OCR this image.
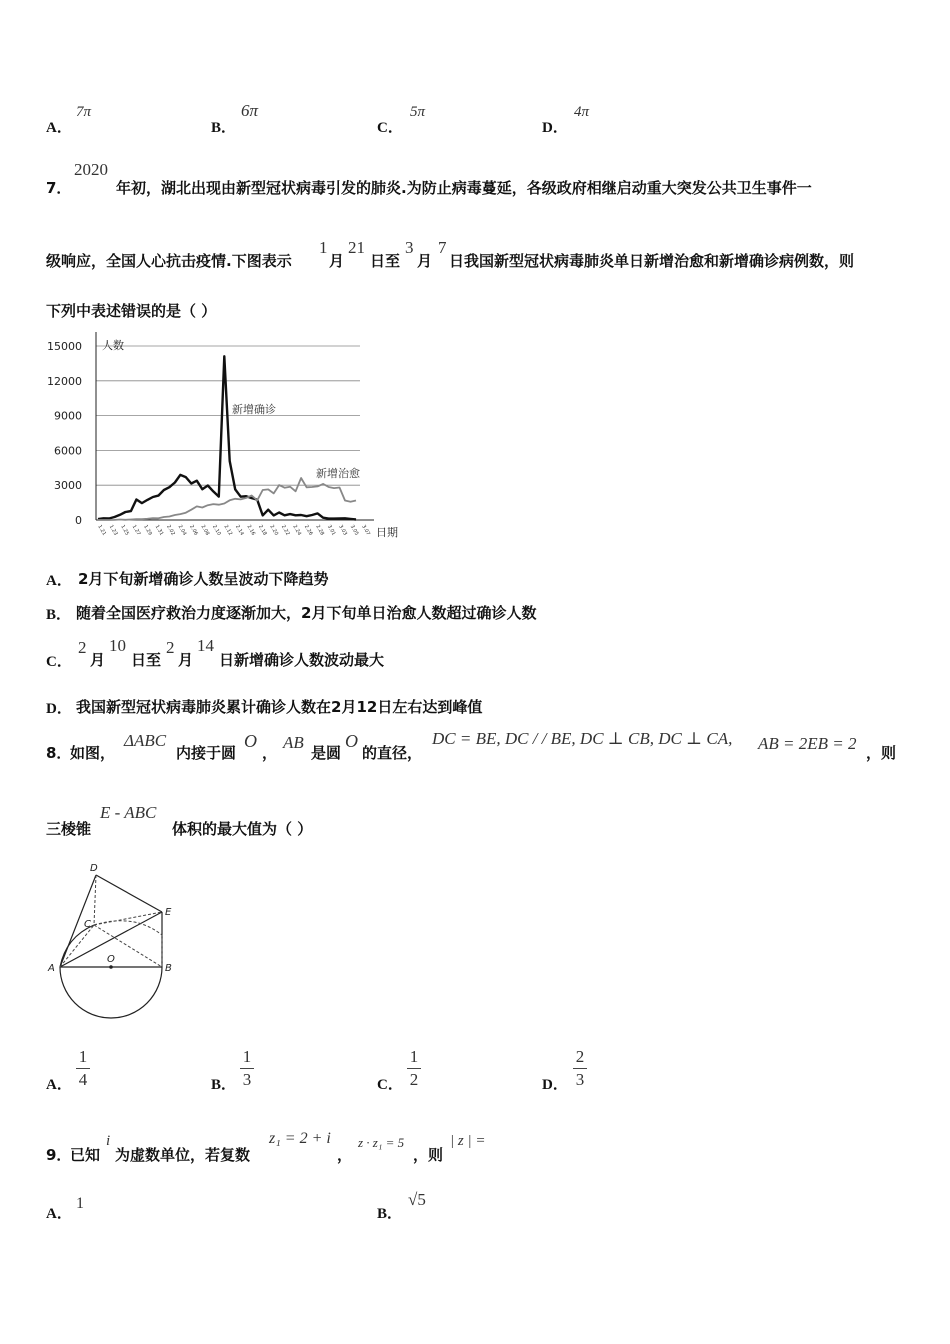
A．
7π
B．
6π
C．
5π
D．
4π
7．
2020
年初，湖北出现由新型冠状病毒引发的肺炎.为防止病毒蔓延，各级政府相继启动重大突发公共卫生事件一
级响应，全国人心抗击疫情.下图表示
1
月
21
日至
3
月
7
日我国新型冠状病毒肺炎单日新增治愈和新增确诊病例数，则
下列中表述错误的是（ ）
15000
12000
9000
6000
3000
0
人数
日期
1.21 1.23 1.25 1.27 1.29 1.31 2.02 2.04 2.06 2.08 2.10 2.12 2.14 2.16 2.18 2.20 2.22 2.24 2.26 2.28 3.01 3.03 3.05 3.07
新增确诊
新增治愈
A． 2月下旬新增确诊人数呈波动下降趋势
B． 随着全国医疗救治力度逐渐加大，2月下旬单日治愈人数超过确诊人数
C．
2
月
10
日至
2
月
14
日新增确诊人数波动最大
D． 我国新型冠状病毒肺炎累计确诊人数在2月12日左右达到峰值
8．
如图，
ΔABC
内接于圆
O
，
AB
是圆
O
的直径，
DC = BE, DC / / BE, DC ⊥ CB, DC ⊥ CA, AB = 2EB = 2 ，则
三棱锥
E - ABC
体积的最大值为（ ）
D
C
E
A
O
B
A．
1
4	B．
1
3	C．
1
2	D．
2
3
9．
已知
i
为虚数单位，若复数
z₁ = 2 + i
，
z · z₁ = 5
，则
| z | =
A．
1
B．
√5
